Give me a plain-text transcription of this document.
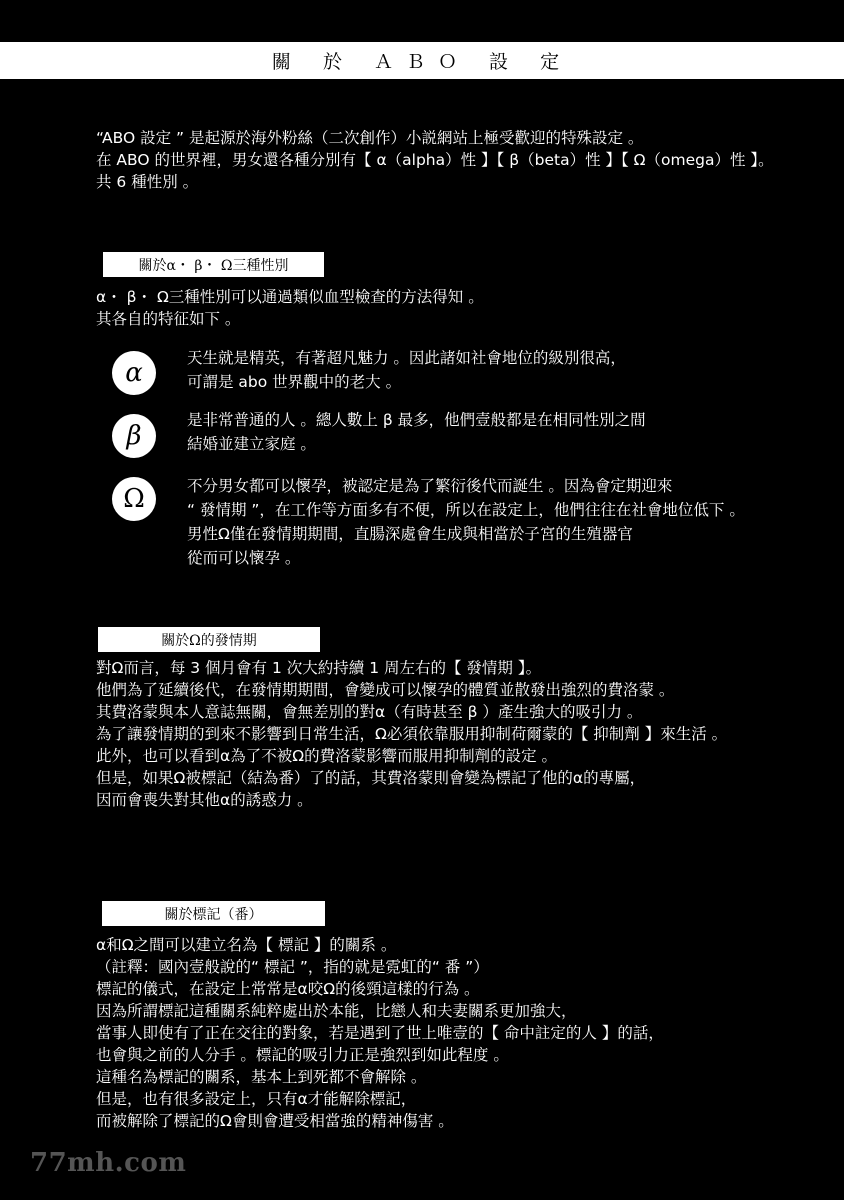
關 於 ＡＢＯ 設 定
“ABO 設定 ” 是起源於海外粉絲（二次創作）小説網站上極受歡迎的特殊設定 。
在 ABO 的世界裡，男女還各種分別有【 α（alpha）性 】【 β（beta）性 】【 Ω（omega）性 】。
共 6 種性別 。
關於α・ β・ Ω三種性別
α・ β・ Ω三種性別可以通過類似血型檢查的方法得知 。
其各自的特征如下 。
α	天生就是精英，有著超凡魅力 。因此諸如社會地位的級別很高，
可謂是 abo 世界觀中的老大 。
β
是非常普通的人 。總人數上 β 最多，他們壹般都是在相同性別之間
結婚並建立家庭 。
Ω	不分男女都可以懷孕，被認定是為了繁衍後代而誕生 。因為會定期迎來
“ 發情期 ”，在工作等方面多有不便，所以在設定上，他們往往在社會地位低下 。
男性Ω僅在發情期期間，直腸深處會生成與相當於子宮的生殖器官
從而可以懷孕 。
關於Ω的發情期
對Ω而言，每 3 個月會有 1 次大約持續 1 周左右的【 發情期 】。
他們為了延續後代，在發情期期間，會變成可以懷孕的體質並散發出強烈的費洛蒙 。
其費洛蒙與本人意誌無關，會無差別的對α（有時甚至 β ）產生強大的吸引力 。
為了讓發情期的到來不影響到日常生活，Ω必須依靠服用抑制荷爾蒙的【 抑制劑 】來生活 。
此外，也可以看到α為了不被Ω的費洛蒙影響而服用抑制劑的設定 。
但是，如果Ω被標記（結為番）了的話，其費洛蒙則會變為標記了他的α的專屬，
因而會喪失對其他α的誘惑力 。
關於標記（番）
α和Ω之間可以建立名為【 標記 】的關系 。
（註釋：國內壹般說的“ 標記 ”，指的就是霓虹的“ 番 ”）
標記的儀式，在設定上常常是α咬Ω的後頸這樣的行為 。
因為所謂標記這種關系純粹處出於本能，比戀人和夫妻關系更加強大，
當事人即使有了正在交往的對象，若是遇到了世上唯壹的【 命中註定的人 】的話，
也會與之前的人分手 。標記的吸引力正是強烈到如此程度 。
這種名為標記的關系，基本上到死都不會解除 。
但是，也有很多設定上，只有α才能解除標記，
而被解除了標記的Ω會則會遭受相當強的精神傷害 。
77mh.com
